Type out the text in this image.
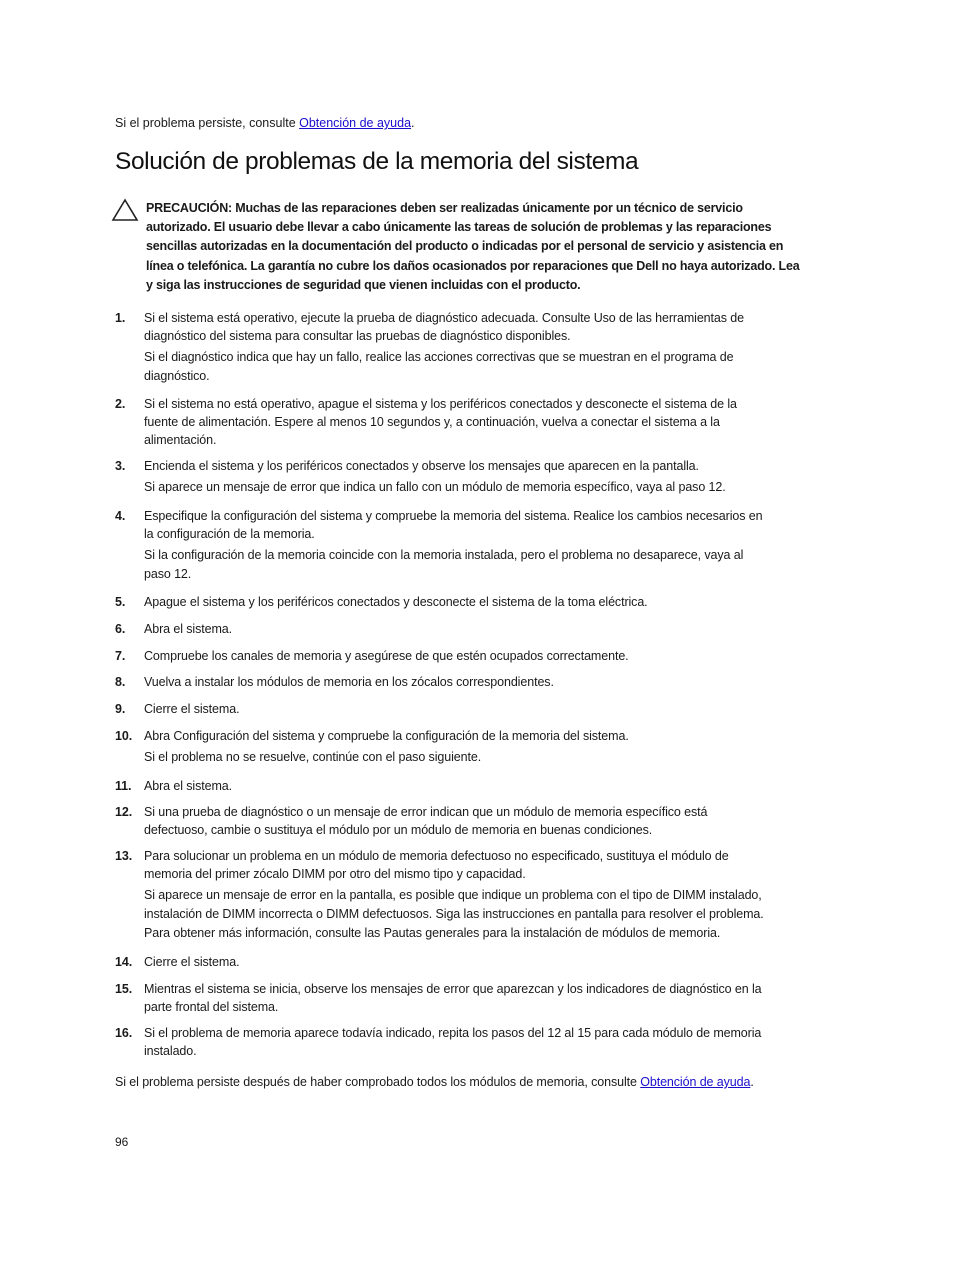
Si el problema persiste, consulte Obtención de ayuda.
Solución de problemas de la memoria del sistema
PRECAUCIÓN: Muchas de las reparaciones deben ser realizadas únicamente por un técnico de servicio
autorizado. El usuario debe llevar a cabo únicamente las tareas de solución de problemas y las reparaciones
sencillas autorizadas en la documentación del producto o indicadas por el personal de servicio y asistencia en
línea o telefónica. La garantía no cubre los daños ocasionados por reparaciones que Dell no haya autorizado. Lea
y siga las instrucciones de seguridad que vienen incluidas con el producto.
1. Si el sistema está operativo, ejecute la prueba de diagnóstico adecuada. Consulte Uso de las herramientas de
diagnóstico del sistema para consultar las pruebas de diagnóstico disponibles.

Si el diagnóstico indica que hay un fallo, realice las acciones correctivas que se muestran en el programa de
diagnóstico.

2. Si el sistema no está operativo, apague el sistema y los periféricos conectados y desconecte el sistema de la
fuente de alimentación. Espere al menos 10 segundos y, a continuación, vuelva a conectar el sistema a la
alimentación.

3. Encienda el sistema y los periféricos conectados y observe los mensajes que aparecen en la pantalla.

Si aparece un mensaje de error que indica un fallo con un módulo de memoria específico, vaya al paso 12.

4. Especifique la configuración del sistema y compruebe la memoria del sistema. Realice los cambios necesarios en
la configuración de la memoria.

Si la configuración de la memoria coincide con la memoria instalada, pero el problema no desaparece, vaya al
paso 12.

5. Apague el sistema y los periféricos conectados y desconecte el sistema de la toma eléctrica.

6. Abra el sistema.

7. Compruebe los canales de memoria y asegúrese de que estén ocupados correctamente.

8. Vuelva a instalar los módulos de memoria en los zócalos correspondientes.

9. Cierre el sistema.

10. Abra Configuración del sistema y compruebe la configuración de la memoria del sistema.

Si el problema no se resuelve, continúe con el paso siguiente.

11. Abra el sistema.

12. Si una prueba de diagnóstico o un mensaje de error indican que un módulo de memoria específico está
defectuoso, cambie o sustituya el módulo por un módulo de memoria en buenas condiciones.

13. Para solucionar un problema en un módulo de memoria defectuoso no especificado, sustituya el módulo de
memoria del primer zócalo DIMM por otro del mismo tipo y capacidad.

Si aparece un mensaje de error en la pantalla, es posible que indique un problema con el tipo de DIMM instalado,
instalación de DIMM incorrecta o DIMM defectuosos. Siga las instrucciones en pantalla para resolver el problema.
Para obtener más información, consulte las Pautas generales para la instalación de módulos de memoria.

14. Cierre el sistema.

15. Mientras el sistema se inicia, observe los mensajes de error que aparezcan y los indicadores de diagnóstico en la
parte frontal del sistema.

16. Si el problema de memoria aparece todavía indicado, repita los pasos del 12 al 15 para cada módulo de memoria
instalado.

Si el problema persiste después de haber comprobado todos los módulos de memoria, consulte Obtención de ayuda.
96
